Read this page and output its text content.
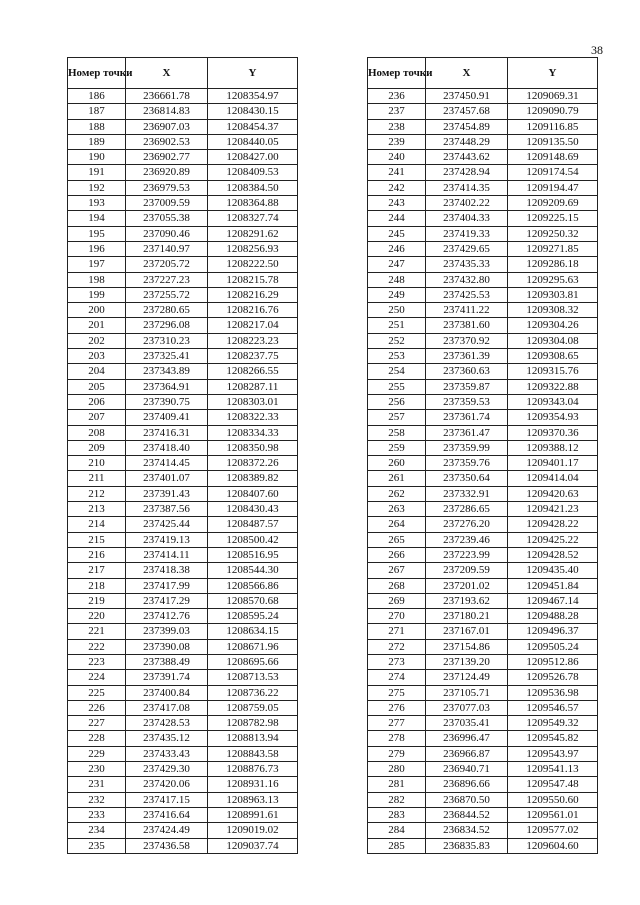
38
Номер точки	X	Y
186	236661.78	1208354.97
187	236814.83	1208430.15
188	236907.03	1208454.37
189	236902.53	1208440.05
190	236902.77	1208427.00
191	236920.89	1208409.53
192	236979.53	1208384.50
193	237009.59	1208364.88
194	237055.38	1208327.74
195	237090.46	1208291.62
196	237140.97	1208256.93
197	237205.72	1208222.50
198	237227.23	1208215.78
199	237255.72	1208216.29
200	237280.65	1208216.76
201	237296.08	1208217.04
202	237310.23	1208223.23
203	237325.41	1208237.75
204	237343.89	1208266.55
205	237364.91	1208287.11
206	237390.75	1208303.01
207	237409.41	1208322.33
208	237416.31	1208334.33
209	237418.40	1208350.98
210	237414.45	1208372.26
211	237401.07	1208389.82
212	237391.43	1208407.60
213	237387.56	1208430.43
214	237425.44	1208487.57
215	237419.13	1208500.42
216	237414.11	1208516.95
217	237418.38	1208544.30
218	237417.99	1208566.86
219	237417.29	1208570.68
220	237412.76	1208595.24
221	237399.03	1208634.15
222	237390.08	1208671.96
223	237388.49	1208695.66
224	237391.74	1208713.53
225	237400.84	1208736.22
226	237417.08	1208759.05
227	237428.53	1208782.98
228	237435.12	1208813.94
229	237433.43	1208843.58
230	237429.30	1208876.73
231	237420.06	1208931.16
232	237417.15	1208963.13
233	237416.64	1208991.61
234	237424.49	1209019.02
235	237436.58	1209037.74
Номер точки	X	Y
236	237450.91	1209069.31
237	237457.68	1209090.79
238	237454.89	1209116.85
239	237448.29	1209135.50
240	237443.62	1209148.69
241	237428.94	1209174.54
242	237414.35	1209194.47
243	237402.22	1209209.69
244	237404.33	1209225.15
245	237419.33	1209250.32
246	237429.65	1209271.85
247	237435.33	1209286.18
248	237432.80	1209295.63
249	237425.53	1209303.81
250	237411.22	1209308.32
251	237381.60	1209304.26
252	237370.92	1209304.08
253	237361.39	1209308.65
254	237360.63	1209315.76
255	237359.87	1209322.88
256	237359.53	1209343.04
257	237361.74	1209354.93
258	237361.47	1209370.36
259	237359.99	1209388.12
260	237359.76	1209401.17
261	237350.64	1209414.04
262	237332.91	1209420.63
263	237286.65	1209421.23
264	237276.20	1209428.22
265	237239.46	1209425.22
266	237223.99	1209428.52
267	237209.59	1209435.40
268	237201.02	1209451.84
269	237193.62	1209467.14
270	237180.21	1209488.28
271	237167.01	1209496.37
272	237154.86	1209505.24
273	237139.20	1209512.86
274	237124.49	1209526.78
275	237105.71	1209536.98
276	237077.03	1209546.57
277	237035.41	1209549.32
278	236996.47	1209545.82
279	236966.87	1209543.97
280	236940.71	1209541.13
281	236896.66	1209547.48
282	236870.50	1209550.60
283	236844.52	1209561.01
284	236834.52	1209577.02
285	236835.83	1209604.60
